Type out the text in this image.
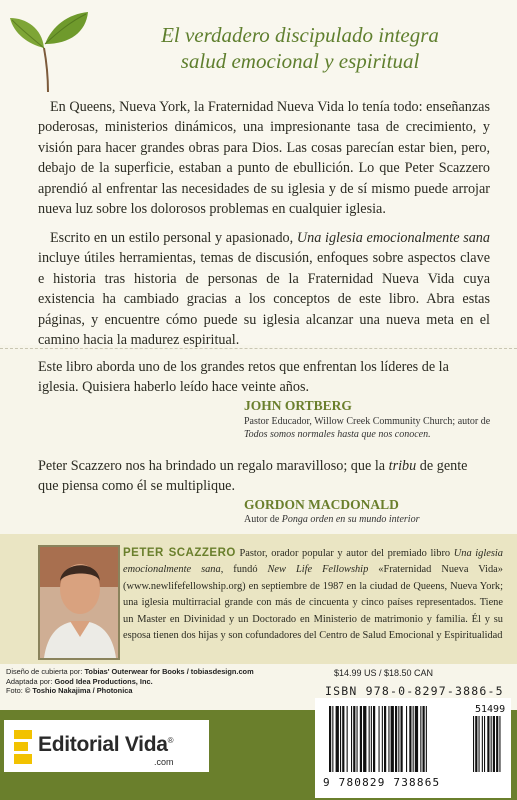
El verdadero discipulado integra
salud emocional y espiritual
En Queens, Nueva York, la Fraternidad Nueva Vida lo tenía todo: enseñanzas poderosas, ministerios dinámicos, una impresionante tasa de crecimiento, y visión para hacer grandes obras para Dios. Las cosas parecían estar bien, pero, debajo de la superficie, estaban a punto de ebullición. Lo que Peter Scazzero aprendió al enfrentar las necesidades de su iglesia y de sí mismo puede arrojar nueva luz sobre los dolorosos problemas en cualquier iglesia.
Escrito en un estilo personal y apasionado, Una iglesia emocionalmente sana incluye útiles herramientas, temas de discusión, enfoques sobre aspectos clave e historia tras historia de personas de la Fraternidad Nueva Vida cuya existencia ha cambiado gracias a los conceptos de este libro. Abra estas páginas, y encuentre cómo puede su iglesia alcanzar una nueva meta en el camino hacia la madurez espiritual.
Este libro aborda uno de los grandes retos que enfrentan los líderes de la iglesia. Quisiera haberlo leído hace veinte años.
JOHN ORTBERG
Pastor Educador, Willow Creek Community Church; autor de
Todos somos normales hasta que nos conocen.
Peter Scazzero nos ha brindado un regalo maravilloso; que la tribu de gente que piensa como él se multiplique.
GORDON MACDONALD
Autor de Ponga orden en su mundo interior
PETER SCAZZERO Pastor, orador popular y autor del premiado libro Una iglesia emocionalmente sana, fundó New Life Fellowship «Fraternidad Nueva Vida» (www.newlifefellowship.org) en septiembre de 1987 en la ciudad de Queens, Nueva York; una iglesia multirracial grande con más de cincuenta y cinco países representados. Tiene un Master en Divinidad y un Doctorado en Ministerio de matrimonio y familia. Él y su esposa tienen dos hijas y son cofundadores del Centro de Salud Emocional y Espiritualidad
Diseño de cubierta por: Tobias' Outerwear for Books / tobiasdesign.com
Adaptada por: Good Idea Productions, Inc.
Foto: © Toshio Nakajima / Photonica
$14.99 US / $18.50 CAN
ISBN 978-0-8297-3886-5
Editorial Vida®
.com
51499
9 780829 738865
